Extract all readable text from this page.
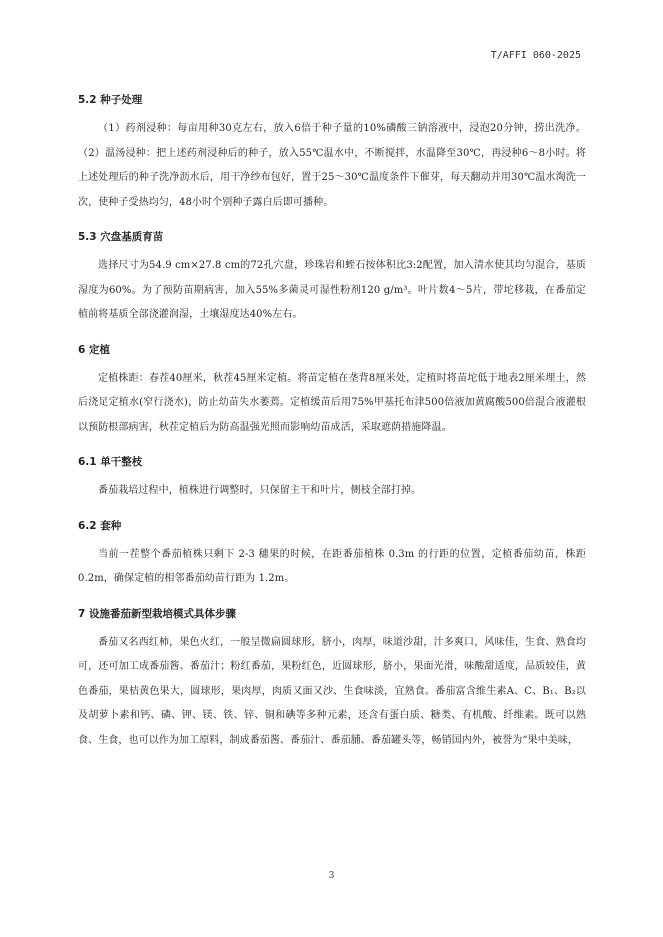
T/AFFI 060-2025

5.2 种子处理

（1）药剂浸种：每亩用种30克左右，放入6倍于种子量的10%磷酸三钠溶液中，浸泡20分钟，捞出洗净。（2）温汤浸种：把上述药剂浸种后的种子，放入55℃温水中，不断搅拌，水温降至30℃，再浸种6～8小时。将上述处理后的种子洗净沥水后，用干净纱布包好，置于25～30℃温度条件下催芽，每天翻动并用30℃温水淘洗一次，使种子受热均匀，48小时个别种子露白后即可播种。

5.3 穴盘基质育苗

选择尺寸为54.9 cm×27.8 cm的72孔穴盘，珍珠岩和蛭石按体积比3:2配置，加入清水使其均匀混合，基质湿度为60%。为了预防苗期病害，加入55%多菌灵可湿性粉剂120 g/m³。叶片数4～5片，带坨移栽，在番茄定植前将基质全部浇灌润湿，土壤湿度达40%左右。

6 定植

定植株距：春茬40厘米，秋茬45厘米定植。将苗定植在垄背8厘米处，定植时将苗坨低于地表2厘米埋土，然后浇足定植水(窄行浇水)，防止幼苗失水萎蔫。定植缓苗后用75%甲基托布津500倍液加黄腐酸500倍混合液灌根以预防根部病害，秋茬定植后为防高温强光照而影响幼苗成活，采取遮荫措施降温。

6.1 单干整枝

番茄栽培过程中，植株进行调整时，只保留主干和叶片，侧枝全部打掉。

6.2 套种

当前一茬整个番茄植株只剩下 2-3 穗果的时候，在距番茄植株 0.3m 的行距的位置，定植番茄幼苗，株距 0.2m，确保定植的相邻番茄幼苗行距为 1.2m。

7 设施番茄新型栽培模式具体步骤

番茄又名西红柿，果色火红，一般呈微扁圆球形，脐小，肉厚，味道沙甜，汁多爽口，风味佳，生食、熟食均可，还可加工成番茄酱、番茄汁；粉红番茄，果粉红色，近圆球形，脐小，果面光滑，味酸甜适度，品质较佳，黄色番茄，果桔黄色果大，圆球形，果肉厚，肉质又面又沙、生食味淡，宜熟食。番茄富含维生素A、C、B₁、B₂以及胡萝卜素和钙、磷、钾、镁、铁、锌、铜和碘等多种元素，还含有蛋白质、糖类、有机酸、纤维素。既可以熟食、生食，也可以作为加工原料，制成番茄酱、番茄汁、番茄脯、番茄罐头等，畅销国内外，被誉为“果中美味，

3
